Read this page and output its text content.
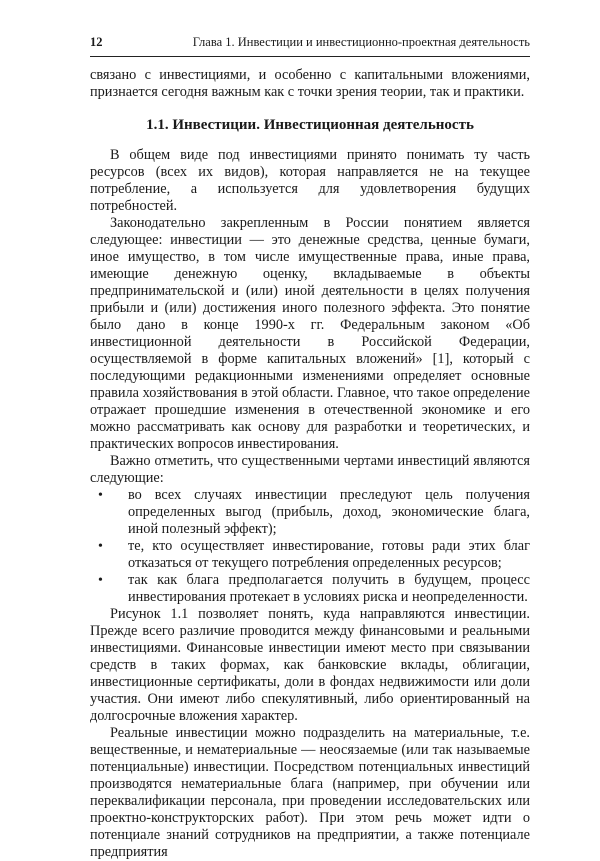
12	Глава 1. Инвестиции и инвестиционно-проектная деятельность

связано с инвестициями, и особенно с капитальными вложениями, признается сегодня важным как с точки зрения теории, так и практики.

1.1. Инвестиции. Инвестиционная деятельность

В общем виде под инвестициями принято понимать ту часть ресурсов (всех их видов), которая направляется не на текущее потребление, а используется для удовлетворения будущих потребностей.

Законодательно закрепленным в России понятием является следующее: инвестиции — это денежные средства, ценные бумаги, иное имущество, в том числе имущественные права, иные права, имеющие денежную оценку, вкладываемые в объекты предпринимательской и (или) иной деятельности в целях получения прибыли и (или) достижения иного полезного эффекта. Это понятие было дано в конце 1990-х гг. Федеральным законом «Об инвестиционной деятельности в Российской Федерации, осуществляемой в форме капитальных вложений» [1], который с последующими редакционными изменениями определяет основные правила хозяйствования в этой области. Главное, что такое определение отражает прошедшие изменения в отечественной экономике и его можно рассматривать как основу для разработки и теоретических, и практических вопросов инвестирования.

Важно отметить, что существенными чертами инвестиций являются следующие:

• во всех случаях инвестиции преследуют цель получения определенных выгод (прибыль, доход, экономические блага, иной полезный эффект);
• те, кто осуществляет инвестирование, готовы ради этих благ отказаться от текущего потребления определенных ресурсов;
• так как блага предполагается получить в будущем, процесс инвестирования протекает в условиях риска и неопределенности.

Рисунок 1.1 позволяет понять, куда направляются инвестиции. Прежде всего различие проводится между финансовыми и реальными инвестициями. Финансовые инвестиции имеют место при связывании средств в таких формах, как банковские вклады, облигации, инвестиционные сертификаты, доли в фондах недвижимости или доли участия. Они имеют либо спекулятивный, либо ориентированный на долгосрочные вложения характер.

Реальные инвестиции можно подразделить на материальные, т.е. вещественные, и нематериальные — неосязаемые (или так называемые потенциальные) инвестиции. Посредством потенциальных инвестиций производятся нематериальные блага (например, при обучении или переквалификации персонала, при проведении исследовательских или проектно-конструкторских работ). При этом речь может идти о потенциале знаний сотрудников на предприятии, а также потенциале предприятия
